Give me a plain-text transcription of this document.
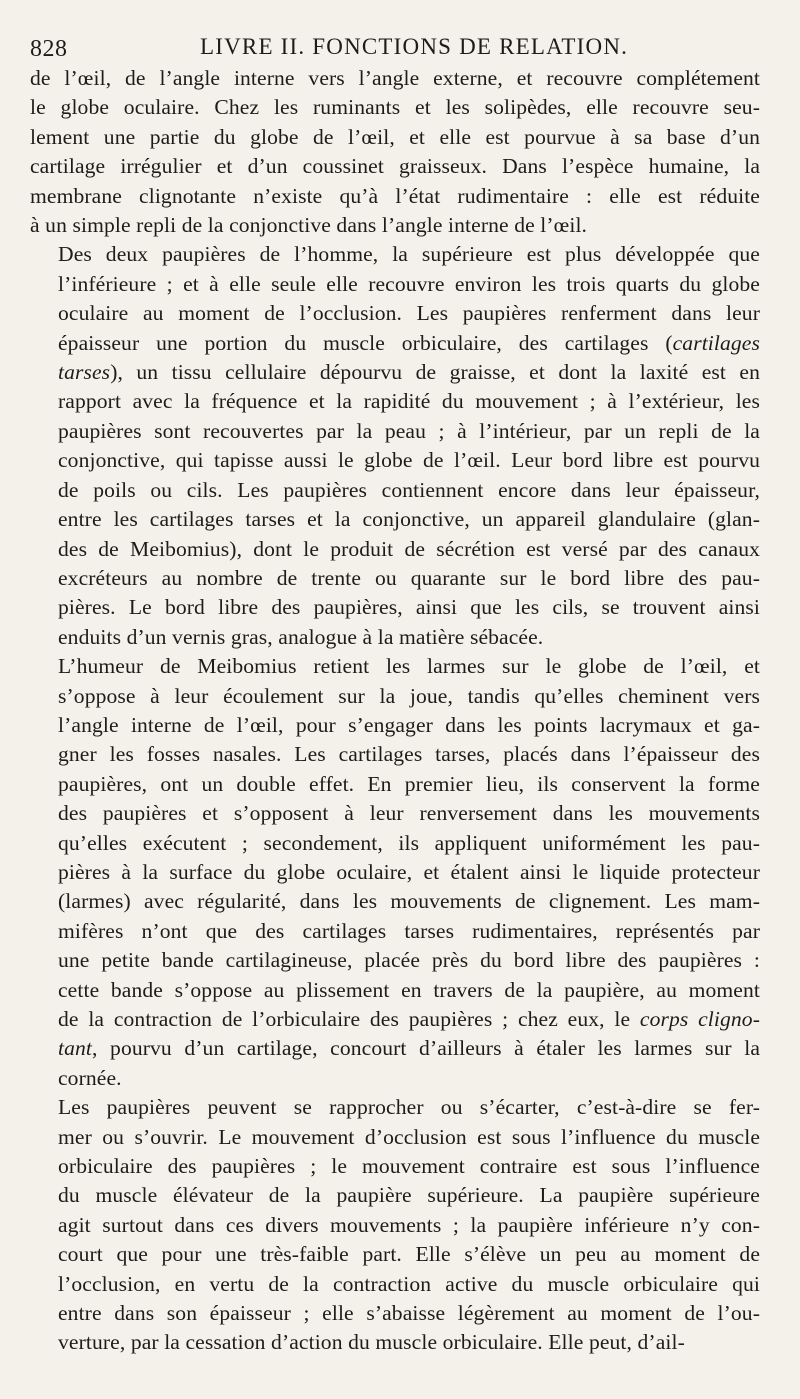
828	LIVRE II. FONCTIONS DE RELATION.

de l’œil, de l’angle interne vers l’angle externe, et recouvre complétement
le globe oculaire. Chez les ruminants et les solipèdes, elle recouvre seu-
lement une partie du globe de l’œil, et elle est pourvue à sa base d’un
cartilage irrégulier et d’un coussinet graisseux. Dans l’espèce humaine, la
membrane clignotante n’existe qu’à l’état rudimentaire : elle est réduite
à un simple repli de la conjonctive dans l’angle interne de l’œil.

Des deux paupières de l’homme, la supérieure est plus développée que
l’inférieure ; et à elle seule elle recouvre environ les trois quarts du globe
oculaire au moment de l’occlusion. Les paupières renferment dans leur
épaisseur une portion du muscle orbiculaire, des cartilages (cartilages
tarses), un tissu cellulaire dépourvu de graisse, et dont la laxité est en
rapport avec la fréquence et la rapidité du mouvement ; à l’extérieur, les
paupières sont recouvertes par la peau ; à l’intérieur, par un repli de la
conjonctive, qui tapisse aussi le globe de l’œil. Leur bord libre est pourvu
de poils ou cils. Les paupières contiennent encore dans leur épaisseur,
entre les cartilages tarses et la conjonctive, un appareil glandulaire (glan-
des de Meibomius), dont le produit de sécrétion est versé par des canaux
excréteurs au nombre de trente ou quarante sur le bord libre des pau-
pières. Le bord libre des paupières, ainsi que les cils, se trouvent ainsi
enduits d’un vernis gras, analogue à la matière sébacée.

L’humeur de Meibomius retient les larmes sur le globe de l’œil, et
s’oppose à leur écoulement sur la joue, tandis qu’elles cheminent vers
l’angle interne de l’œil, pour s’engager dans les points lacrymaux et ga-
gner les fosses nasales. Les cartilages tarses, placés dans l’épaisseur des
paupières, ont un double effet. En premier lieu, ils conservent la forme
des paupières et s’opposent à leur renversement dans les mouvements
qu’elles exécutent ; secondement, ils appliquent uniformément les pau-
pières à la surface du globe oculaire, et étalent ainsi le liquide protecteur
(larmes) avec régularité, dans les mouvements de clignement. Les mam-
mifères n’ont que des cartilages tarses rudimentaires, représentés par
une petite bande cartilagineuse, placée près du bord libre des paupières :
cette bande s’oppose au plissement en travers de la paupière, au moment
de la contraction de l’orbiculaire des paupières ; chez eux, le corps cligno-
tant, pourvu d’un cartilage, concourt d’ailleurs à étaler les larmes sur la
cornée.

Les paupières peuvent se rapprocher ou s’écarter, c’est-à-dire se fer-
mer ou s’ouvrir. Le mouvement d’occlusion est sous l’influence du muscle
orbiculaire des paupières ; le mouvement contraire est sous l’influence
du muscle élévateur de la paupière supérieure. La paupière supérieure
agit surtout dans ces divers mouvements ; la paupière inférieure n’y con-
court que pour une très-faible part. Elle s’élève un peu au moment de
l’occlusion, en vertu de la contraction active du muscle orbiculaire qui
entre dans son épaisseur ; elle s’abaisse légèrement au moment de l’ou-
verture, par la cessation d’action du muscle orbiculaire. Elle peut, d’ail-
